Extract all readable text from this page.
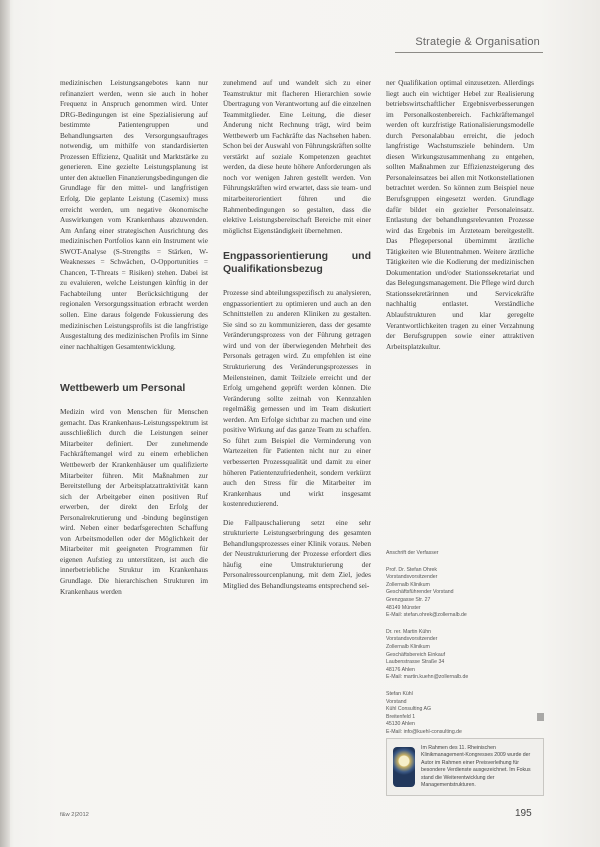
Strategie & Organisation

medizinischen Leistungsangebotes kann nur refinanziert werden, wenn sie auch in hoher Frequenz in Anspruch genommen wird. Unter DRG-Bedingungen ist eine Spezialisierung auf bestimmte Patientengruppen und Behandlungsarten des Versorgungsauftrages notwendig, um mithilfe von standardisierten Prozessen Effizienz, Qualität und Marktstärke zu generieren. Eine gezielte Leistungsplanung ist unter den aktuellen Finanzierungsbedingungen die Grundlage für den mittel- und langfristigen Erfolg. Die geplante Leistung (Casemix) muss erreicht werden, um negative ökonomische Auswirkungen vom Krankenhaus abzuwenden. Am Anfang einer strategischen Ausrichtung des medizinischen Portfolios kann ein Instrument wie SWOT-Analyse (S-Strengths = Stärken, W-Weaknesses = Schwächen, O-Opportunities = Chancen, T-Threats = Risiken) stehen. Dabei ist zu evaluieren, welche Leistungen künftig in der Fachabteilung unter Berücksichtigung der regionalen Versorgungssituation erbracht werden sollen. Eine daraus folgende Fokussierung des medizinischen Leistungsprofils ist die langfristige Ausgestaltung des medizinischen Profils im Sinne einer nachhaltigen Gesamtentwicklung.

Wettbewerb um Personal

Medizin wird von Menschen für Menschen gemacht. Das Krankenhaus-Leistungsspektrum ist ausschließlich durch die Leistungen seiner Mitarbeiter definiert. Der zunehmende Fachkräftemangel wird zu einem erheblichen Wettbewerb der Krankenhäuser um qualifizierte Mitarbeiter führen. Mit Maßnahmen zur Bereitstellung der Arbeitsplatzattraktivität kann sich der Arbeitgeber einen positiven Ruf erwerben, der direkt den Erfolg der Personalrekrutierung und -bindung begünstigen wird. Neben einer bedarfsgerechten Schaffung von Arbeitsmodellen oder der Möglichkeit der Mitarbeiter mit geeigneten Programmen für eigenen Aufstieg zu unterstützen, ist auch die innerbetriebliche Struktur im Krankenhaus Grundlage. Die hierarchischen Strukturen im Krankenhaus werden

zunehmend auf und wandelt sich zu einer Teamstruktur mit flacheren Hierarchien sowie Übertragung von Verantwortung auf die einzelnen Teammitglieder. Eine Leitung, die dieser Änderung nicht Rechnung trägt, wird beim Wettbewerb um Fachkräfte das Nachsehen haben. Schon bei der Auswahl von Führungskräften sollte verstärkt auf soziale Kompetenzen geachtet werden, da diese heute höhere Anforderungen als noch vor wenigen Jahren gestellt werden. Von Führungskräften wird erwartet, dass sie team- und mitarbeiterorientiert führen und die Rahmenbedingungen so gestalten, dass die elektive Leistungsbereitschaft Bereiche mit einer möglichst Eigenständigkeit übernehmen.

Engpassorientierung und Qualifikationsbezug

Prozesse sind abteilungsspezifisch zu analysieren, engpassorientiert zu optimieren und auch an den Schnittstellen zu anderen Kliniken zu gestalten. Sie sind so zu kommunizieren, dass der gesamte Veränderungsprozess von der Führung getragen wird und von der überwiegenden Mehrheit des Personals getragen wird. Zu empfehlen ist eine Strukturierung des Veränderungsprozesses in Meilensteinen, damit Teilziele erreicht und der Erfolg umgehend geprüft werden können. Die Veränderung sollte zeitnah von Kennzahlen regelmäßig gemessen und im Team diskutiert werden. Am Erfolge sichtbar zu machen und eine positive Wirkung auf das ganze Team zu schaffen. So führt zum Beispiel die Verminderung von Wartezeiten für Patienten nicht nur zu einer verbesserten Prozessqualität und damit zu einer höheren Patientenzufriedenheit, sondern verkürzt auch den Stress für die Mitarbeiter im Krankenhaus und wirkt insgesamt kostenreduzierend.

Die Fallpauschalierung setzt eine sehr strukturierte Leistungserbringung des gesamten Behandlungsprozesses einer Klinik voraus. Neben der Neustrukturierung der Prozesse erfordert dies häufig eine Umstrukturierung der Personalressourcenplanung, mit dem Ziel, jedes Mitglied des Behandlungsteams entsprechend sei-

ner Qualifikation optimal einzusetzen. Allerdings liegt auch ein wichtiger Hebel zur Realisierung betriebswirtschaftlicher Ergebnisverbesserungen im Personalkostenbereich. Fachkräftemangel werden oft kurzfristige Rationalisierungsmodelle durch Personalabbau erreicht, die jedoch langfristige Wachstumsziele behindern. Um diesen Wirkungszusammenhang zu entgehen, sollten Maßnahmen zur Effizienzsteigerung des Personaleinsatzes bei allen mit Notkonstellationen betrachtet werden. So können zum Beispiel neue Berufsgruppen eingesetzt werden. Grundlage dafür bildet ein gezielter Personaleinsatz. Entlastung der behandlungsrelevanten Prozesse wird das Ergebnis im Ärzteteam bereitgestellt. Das Pflegepersonal übernimmt ärztliche Tätigkeiten wie Blutentnahmen. Weitere ärztliche Tätigkeiten wie die Kodierung der medizinischen Dokumentation und/oder Stationssekretariat und das Belegungsmanagement. Die Pflege wird durch Stationssekretärinnen und Servicekräfte nachhaltig entlastet. Verständliche Ablaufstrukturen und klar geregelte Verantwortlichkeiten tragen zu einer Verzahnung der Berufsgruppen sowie einer attraktiven Arbeitsplatzkultur.

Anschrift der Verfasser
Prof. Dr. Stefan Ohrek
Vorstandsvorsitzender
Zollernalb Klinikum
Geschäftsführender Vorstand
Grenzgasse Str. 27
48149 Münster
E-Mail: stefan.ohrek@zollernalb.de
Dr. rer. Martin Kühn
Vorstandsvorsitzender
Zollernalb Klinikum
Geschäftsbereich Einkauf
Laubenstrasse Straße 34
48176 Ahlen
E-Mail: martin.kuehn@zollernalb.de
Stefan Kühl
Vorstand
Kühl Consulting AG
Breitenfeld 1
45130 Ahlen
E-Mail: info@kuehl-consulting.de
Im Rahmen des 11. Rheinischen Klinikmanagement-Kongresses 2009 wurde der Autor im Rahmen einer Preisverleihung für besondere Verdienste ausgezeichnet. Im Fokus stand die Weiterentwicklung der Managementstrukturen.

f&w 2|2012	195
